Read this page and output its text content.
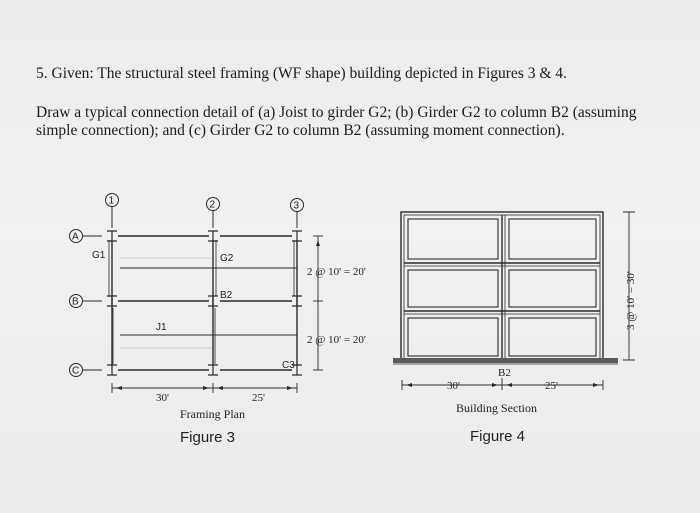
5. Given: The structural steel framing (WF shape) building depicted in Figures 3 & 4.
Draw a typical connection detail of (a) Joist to girder G2; (b) Girder G2 to column B2 (assuming
simple connection); and (c) Girder G2 to column B2 (assuming moment connection).
1	2	3
A
B
C
G1	G2
B2
J1
C3
2 @ 10' = 20'
2 @ 10' = 20'
30'	25'
Framing Plan
Figure 3
B2
30'	25'
3 @ 10' = 30'
Building Section
Figure 4
